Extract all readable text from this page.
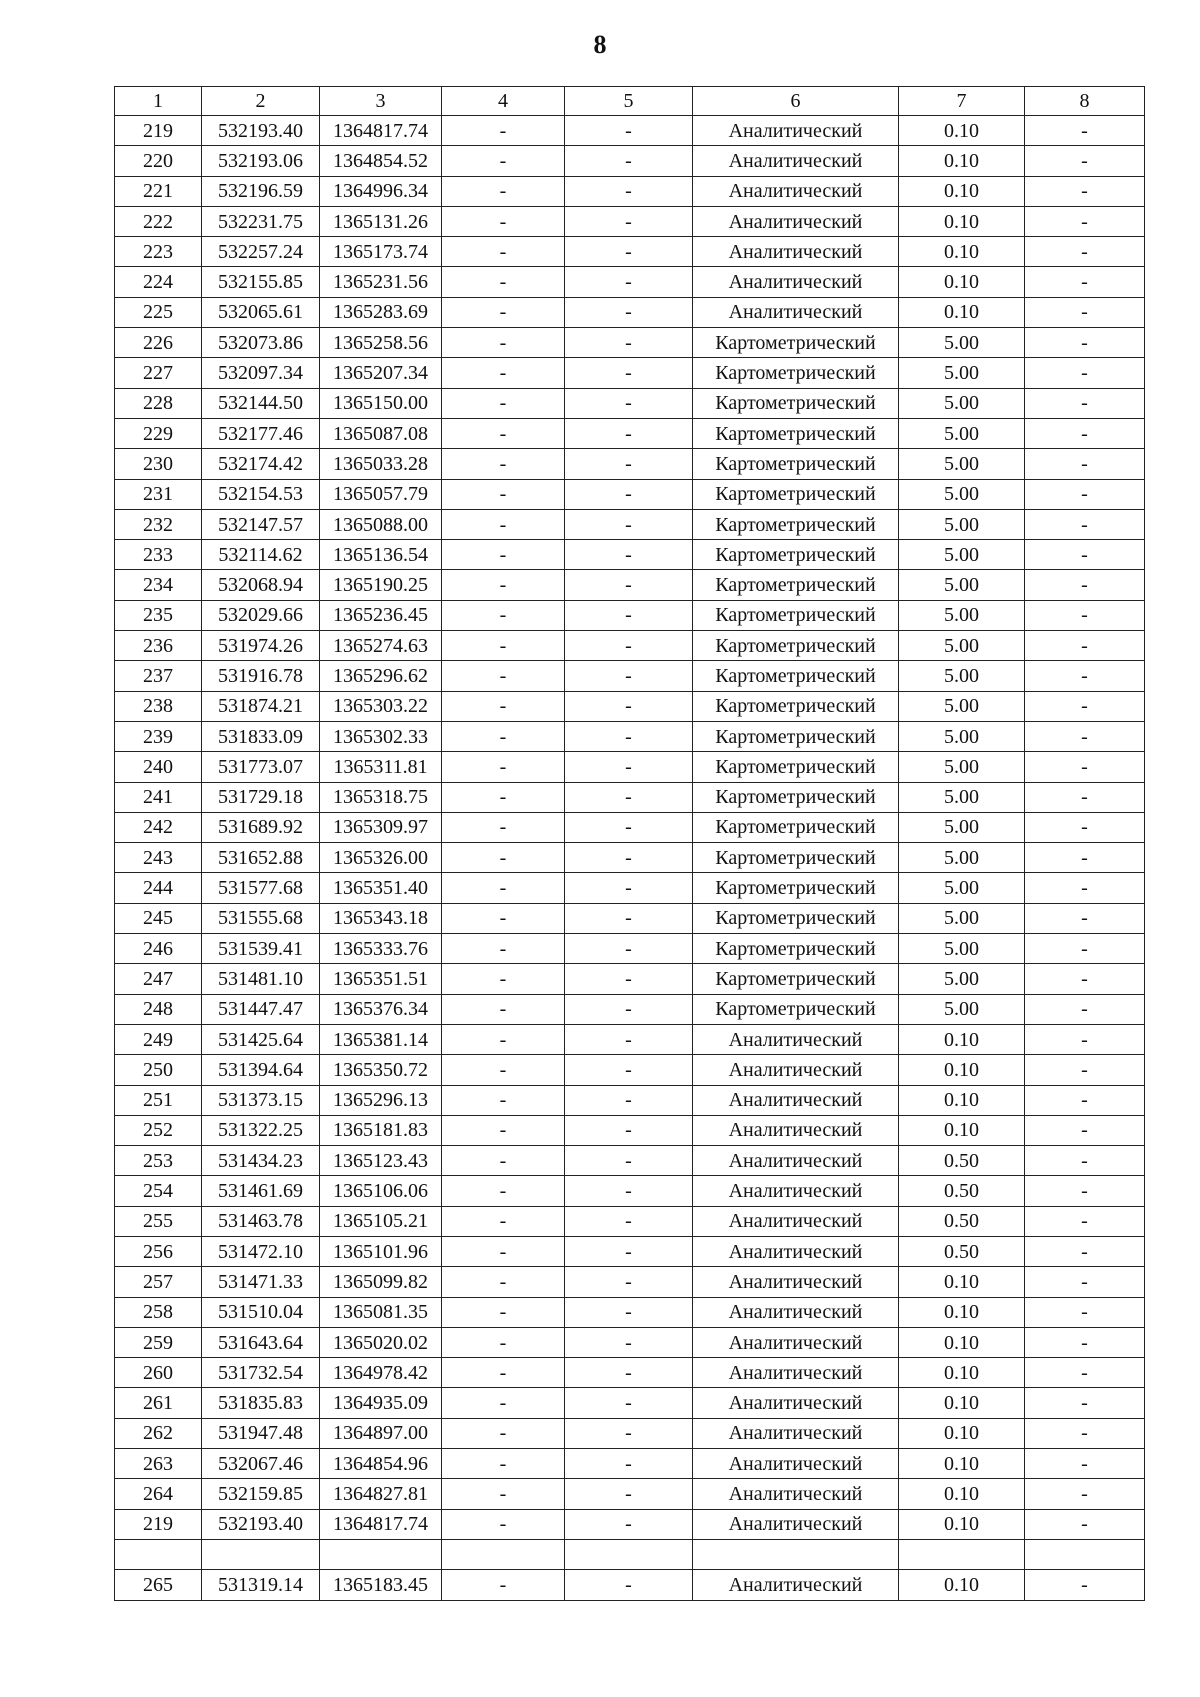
8
1	2	3	4	5	6	7	8
219	532193.40	1364817.74	-	-	Аналитический	0.10	-
220	532193.06	1364854.52	-	-	Аналитический	0.10	-
221	532196.59	1364996.34	-	-	Аналитический	0.10	-
222	532231.75	1365131.26	-	-	Аналитический	0.10	-
223	532257.24	1365173.74	-	-	Аналитический	0.10	-
224	532155.85	1365231.56	-	-	Аналитический	0.10	-
225	532065.61	1365283.69	-	-	Аналитический	0.10	-
226	532073.86	1365258.56	-	-	Картометрический	5.00	-
227	532097.34	1365207.34	-	-	Картометрический	5.00	-
228	532144.50	1365150.00	-	-	Картометрический	5.00	-
229	532177.46	1365087.08	-	-	Картометрический	5.00	-
230	532174.42	1365033.28	-	-	Картометрический	5.00	-
231	532154.53	1365057.79	-	-	Картометрический	5.00	-
232	532147.57	1365088.00	-	-	Картометрический	5.00	-
233	532114.62	1365136.54	-	-	Картометрический	5.00	-
234	532068.94	1365190.25	-	-	Картометрический	5.00	-
235	532029.66	1365236.45	-	-	Картометрический	5.00	-
236	531974.26	1365274.63	-	-	Картометрический	5.00	-
237	531916.78	1365296.62	-	-	Картометрический	5.00	-
238	531874.21	1365303.22	-	-	Картометрический	5.00	-
239	531833.09	1365302.33	-	-	Картометрический	5.00	-
240	531773.07	1365311.81	-	-	Картометрический	5.00	-
241	531729.18	1365318.75	-	-	Картометрический	5.00	-
242	531689.92	1365309.97	-	-	Картометрический	5.00	-
243	531652.88	1365326.00	-	-	Картометрический	5.00	-
244	531577.68	1365351.40	-	-	Картометрический	5.00	-
245	531555.68	1365343.18	-	-	Картометрический	5.00	-
246	531539.41	1365333.76	-	-	Картометрический	5.00	-
247	531481.10	1365351.51	-	-	Картометрический	5.00	-
248	531447.47	1365376.34	-	-	Картометрический	5.00	-
249	531425.64	1365381.14	-	-	Аналитический	0.10	-
250	531394.64	1365350.72	-	-	Аналитический	0.10	-
251	531373.15	1365296.13	-	-	Аналитический	0.10	-
252	531322.25	1365181.83	-	-	Аналитический	0.10	-
253	531434.23	1365123.43	-	-	Аналитический	0.50	-
254	531461.69	1365106.06	-	-	Аналитический	0.50	-
255	531463.78	1365105.21	-	-	Аналитический	0.50	-
256	531472.10	1365101.96	-	-	Аналитический	0.50	-
257	531471.33	1365099.82	-	-	Аналитический	0.10	-
258	531510.04	1365081.35	-	-	Аналитический	0.10	-
259	531643.64	1365020.02	-	-	Аналитический	0.10	-
260	531732.54	1364978.42	-	-	Аналитический	0.10	-
261	531835.83	1364935.09	-	-	Аналитический	0.10	-
262	531947.48	1364897.00	-	-	Аналитический	0.10	-
263	532067.46	1364854.96	-	-	Аналитический	0.10	-
264	532159.85	1364827.81	-	-	Аналитический	0.10	-
219	532193.40	1364817.74	-	-	Аналитический	0.10	-

265	531319.14	1365183.45	-	-	Аналитический	0.10	-
